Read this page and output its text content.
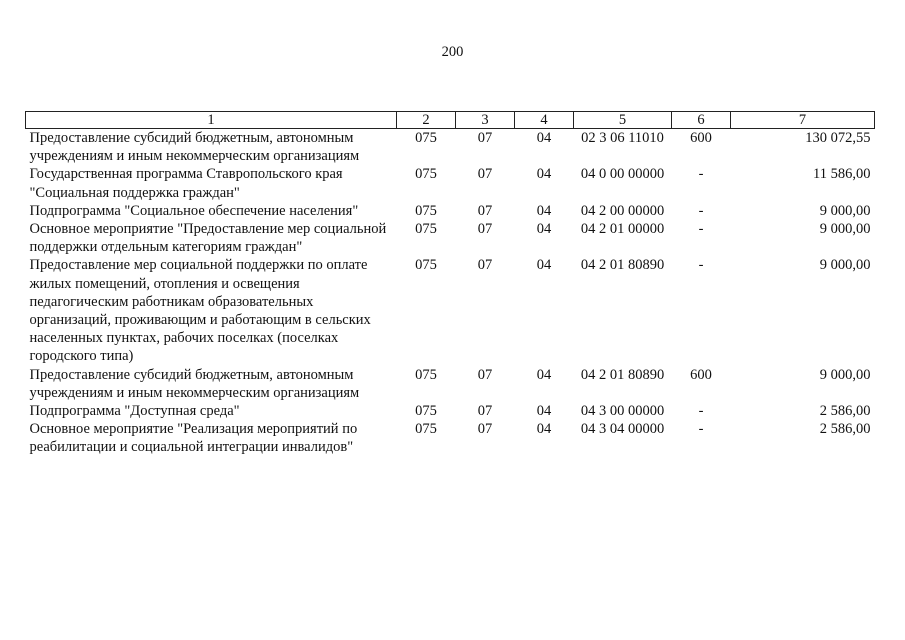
200
1	2	3	4	5	6	7
Предоставление субсидий бюджетным, автономным учреждениям и иным некоммерческим организациям	075	07	04	02 3 06 11010	600	130 072,55
Государственная программа Ставропольского края "Социальная поддержка граждан"	075	07	04	04 0 00 00000	-	11 586,00
Подпрограмма "Социальное обеспечение населения"	075	07	04	04 2 00 00000	-	9 000,00
Основное мероприятие "Предоставление мер социальной поддержки отдельным категориям граждан"	075	07	04	04 2 01 00000	-	9 000,00
Предоставление мер социальной поддержки по оплате жилых помещений, отопления и освещения педагогическим работникам образовательных организаций, проживающим и работающим в сельских населенных пунктах, рабочих поселках (поселках городского типа)	075	07	04	04 2 01 80890	-	9 000,00
Предоставление субсидий бюджетным, автономным учреждениям и иным некоммерческим организациям	075	07	04	04 2 01 80890	600	9 000,00
Подпрограмма "Доступная среда"	075	07	04	04 3 00 00000	-	2 586,00
Основное мероприятие "Реализация мероприятий по реабилитации и социальной интеграции инвалидов"	075	07	04	04 3 04 00000	-	2 586,00
